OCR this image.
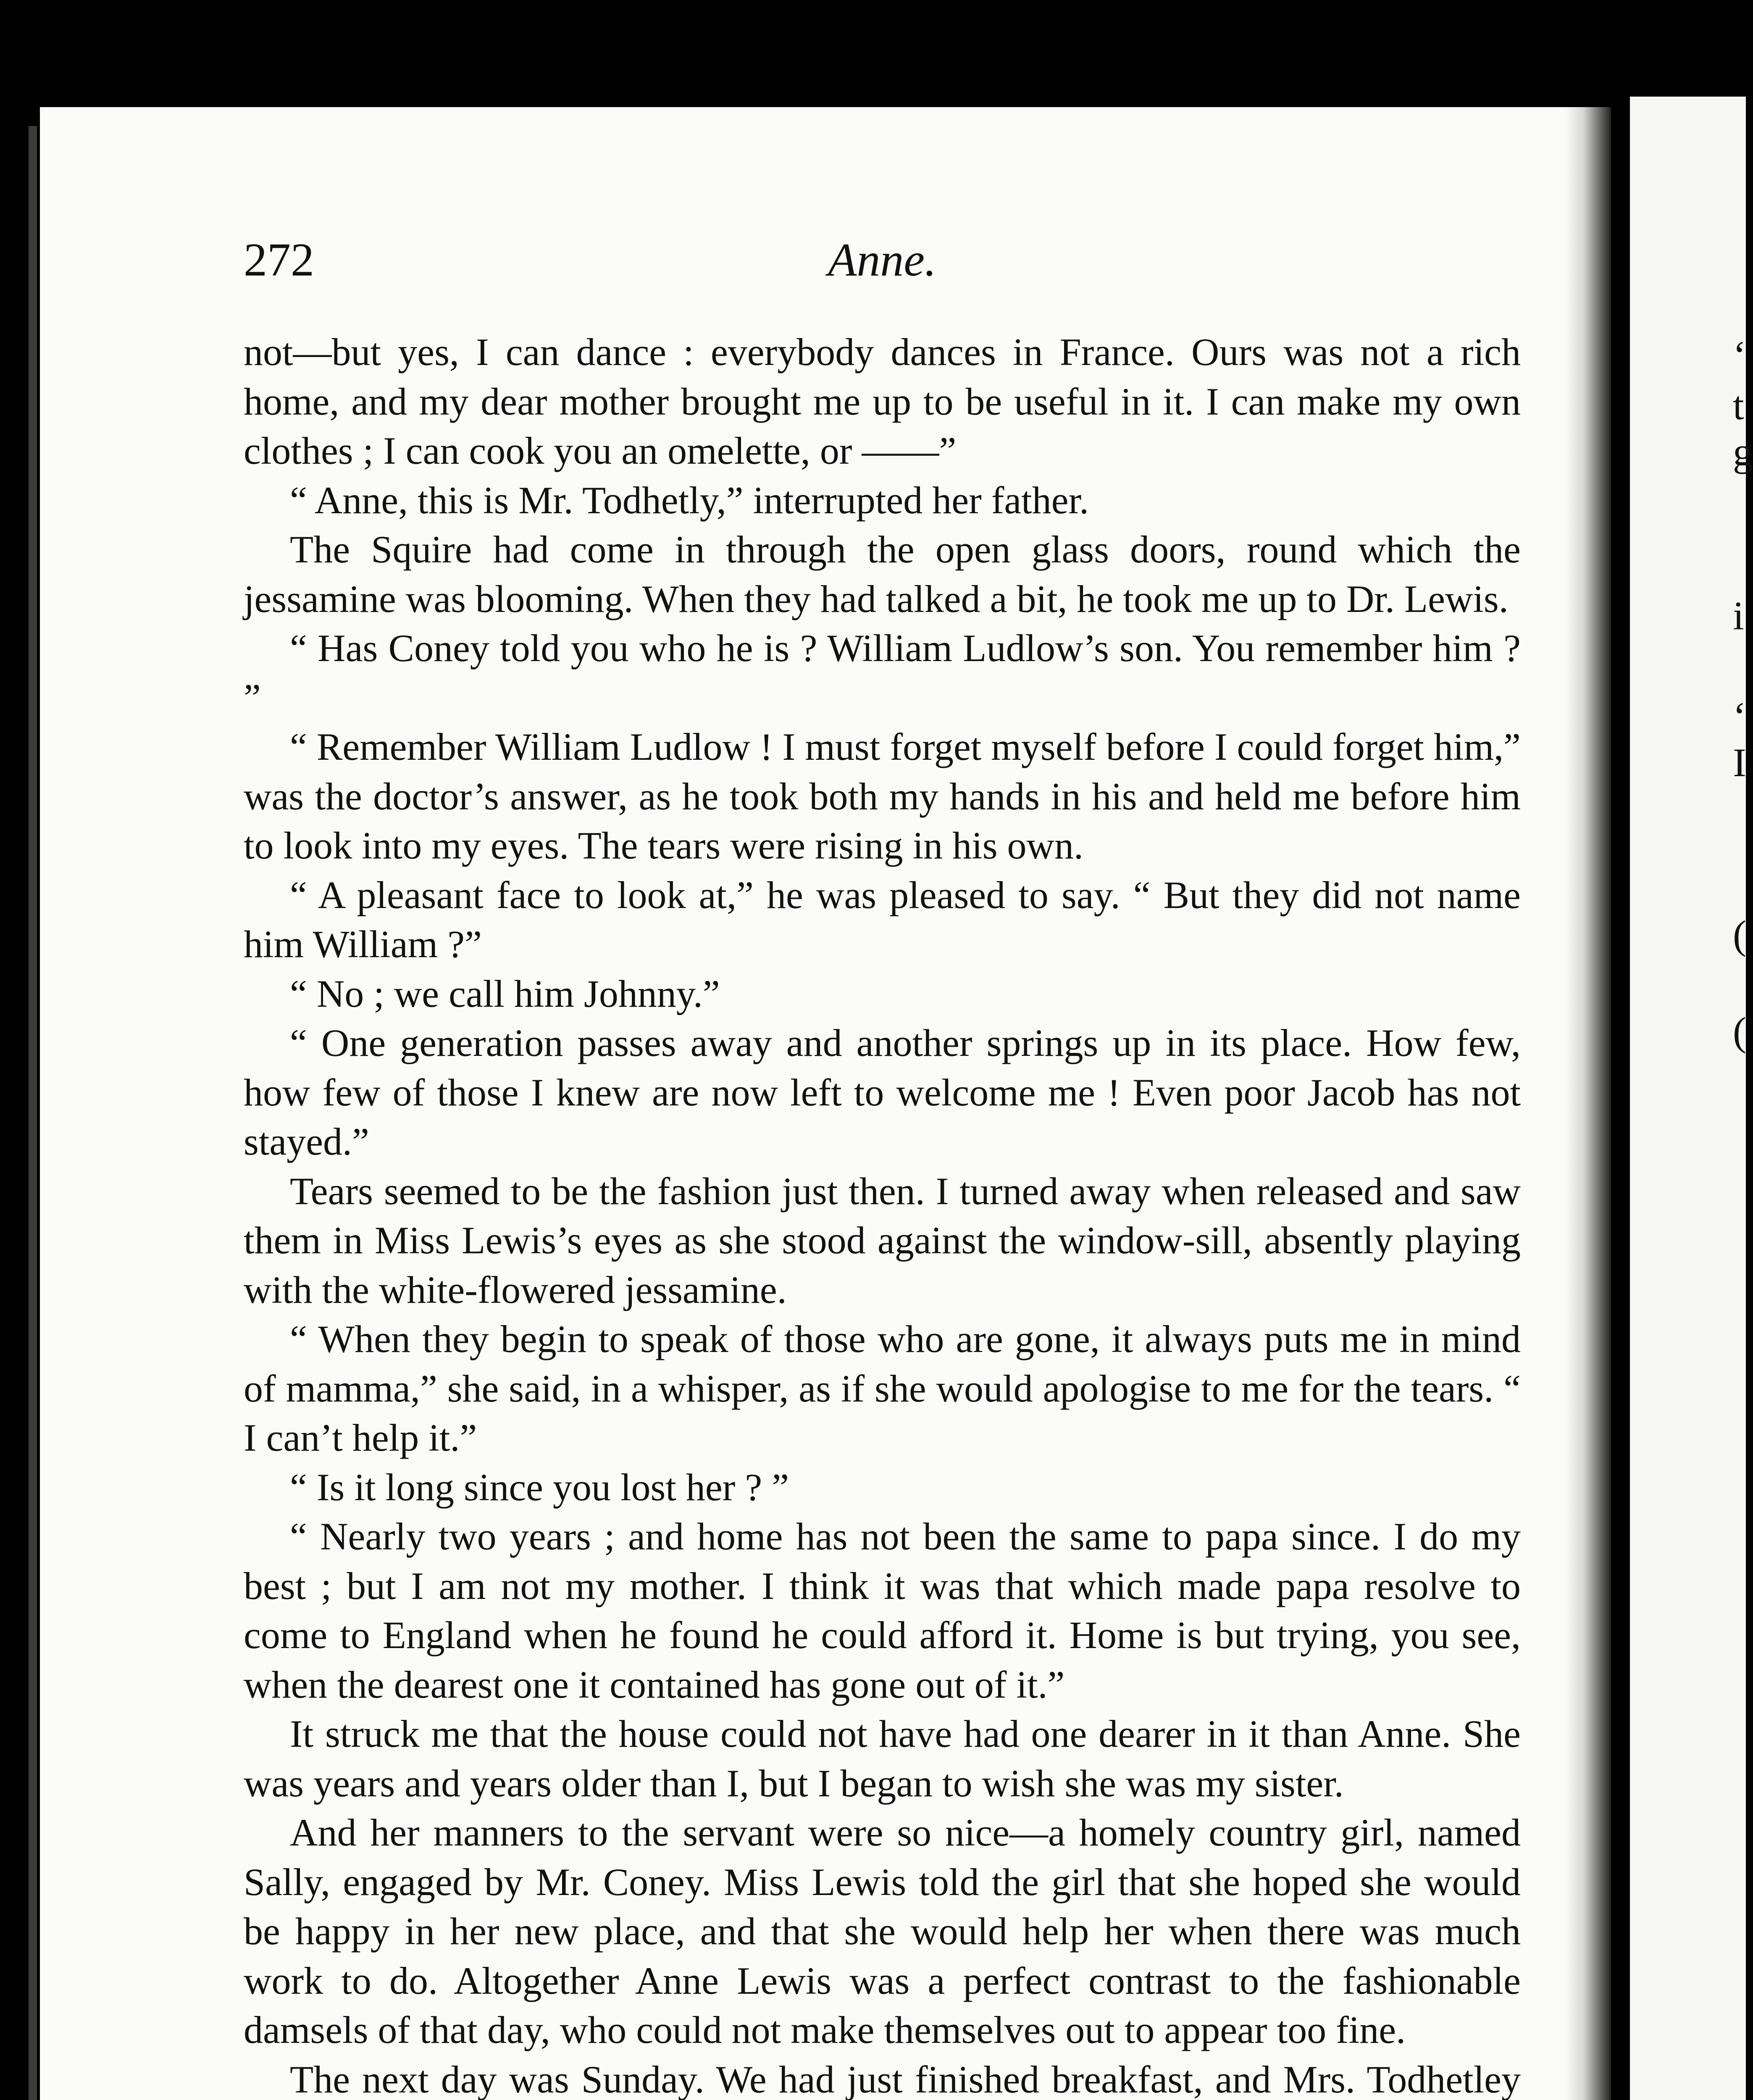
‘
t
g
i
‘
I
(
(
272	Anne.

not—but yes, I can dance : everybody dances in France. Ours was not a rich home, and my dear mother brought me up to be useful in it. I can make my own clothes ; I can cook you an omelette, or ——”

“ Anne, this is Mr. Todhetly,” interrupted her father.

The Squire had come in through the open glass doors, round which the jessamine was blooming. When they had talked a bit, he took me up to Dr. Lewis.

“ Has Coney told you who he is ? William Ludlow’s son. You remember him ? ”

“ Remember William Ludlow ! I must forget myself before I could forget him,” was the doctor’s answer, as he took both my hands in his and held me before him to look into my eyes. The tears were rising in his own.

“ A pleasant face to look at,” he was pleased to say. “ But they did not name him William ?”

“ No ; we call him Johnny.”

“ One generation passes away and another springs up in its place. How few, how few of those I knew are now left to welcome me ! Even poor Jacob has not stayed.”

Tears seemed to be the fashion just then. I turned away when released and saw them in Miss Lewis’s eyes as she stood against the window-sill, absently playing with the white-flowered jessamine.

“ When they begin to speak of those who are gone, it always puts me in mind of mamma,” she said, in a whisper, as if she would apologise to me for the tears. “ I can’t help it.”

“ Is it long since you lost her ? ”

“ Nearly two years ; and home has not been the same to papa since. I do my best ; but I am not my mother. I think it was that which made papa resolve to come to England when he found he could afford it. Home is but trying, you see, when the dearest one it contained has gone out of it.”

It struck me that the house could not have had one dearer in it than Anne. She was years and years older than I, but I began to wish she was my sister.

And her manners to the servant were so nice—a homely country girl, named Sally, engaged by Mr. Coney. Miss Lewis told the girl that she hoped she would be happy in her new place, and that she would help her when there was much work to do. Altogether Anne Lewis was a perfect contrast to the fashionable damsels of that day, who could not make themselves out to appear too fine.

The next day was Sunday. We had just finished breakfast, and Mrs. Todhetley
